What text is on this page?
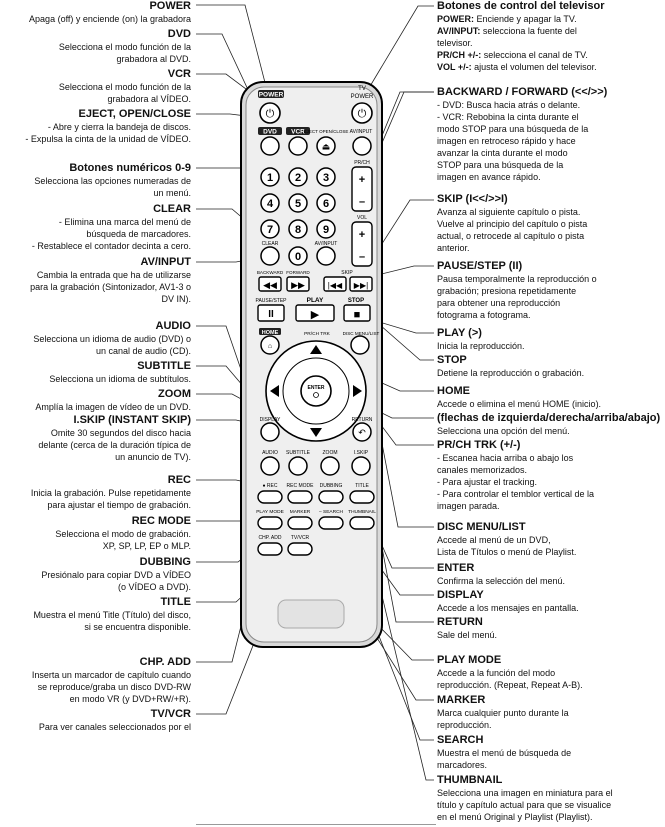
POWER
Apaga (off) y enciende (on) la grabadora
DVD
Selecciona el modo función de la
grabadora al DVD.
VCR
Selecciona el modo función de la
grabadora al VÍDEO.
EJECT, OPEN/CLOSE
- Abre y cierra la bandeja de discos.
- Expulsa la cinta de la unidad de VÍDEO.
Botones numéricos 0-9
Selecciona las opciones numeradas de
un menú.
CLEAR
- Elimina una marca del menú de
búsqueda de marcadores.
- Restablece el contador decinta a cero.
AV/INPUT
Cambia la entrada que ha de utilizarse
para la grabación (Sintonizador, AV1-3 o
DV IN).
AUDIO
Selecciona un idioma de audio (DVD) o
un canal de audio (CD).
SUBTITLE
Selecciona un idioma de subtítulos.
ZOOM
Amplía la imagen de vídeo de un DVD.
I.SKIP (INSTANT SKIP)
Omite 30 segundos del disco hacia
delante (cerca de la duración típica de
un anuncio de TV).
REC
Inicia la grabación. Pulse repetidamente
para ajustar el tiempo de grabación.
REC MODE
Selecciona el modo de grabación.
XP, SP, LP, EP o MLP.
DUBBING
Presiónalo para copiar DVD a VÍDEO
(o VÍDEO a DVD).
TITLE
Muestra el menú Title (Título) del disco,
si se encuentra disponible.
CHP. ADD
Inserta un marcador de capítulo cuando
se reproduce/graba un disco DVD-RW
en modo VR (y DVD+RW/+R).
TV/VCR
Para ver canales seleccionados por el
Botones de control del televisor
POWER: Enciende y apagar la TV.
AV/INPUT: selecciona la fuente del
televisor.
PR/CH +/-: selecciona el canal de TV.
VOL +/-: ajusta el volumen del televisor.
BACKWARD / FORWARD (<</>>)
- DVD: Busca hacia atrás o delante.
- VCR: Rebobina la cinta durante el
modo STOP para una búsqueda de la
imagen en retroceso rápido y hace
avanzar la cinta durante el modo
STOP para una búsqueda de la
imagen en avance rápido.
SKIP (I<</>>I)
Avanza al siguiente capítulo o pista.
Vuelve al principio del capítulo o pista
actual, o retrocede al capítulo o pista
anterior.
PAUSE/STEP (II)
Pausa temporalmente la reproducción o
grabación; presiona repetidamente
para obtener una reproducción
fotograma a fotograma.
PLAY (>)
Inicia la reproducción.
STOP
Detiene la reproducción o grabación.
HOME
Accede o elimina el menú HOME (inicio).
(flechas de izquierda/derecha/arriba/abajo)
Selecciona una opción del menú.
PR/CH TRK (+/-)
- Escanea hacia arriba o abajo los
canales memorizados.
- Para ajustar el tracking.
- Para controlar el temblor vertical de la
imagen parada.
DISC MENU/LIST
Accede al menú de un DVD,
Lista de Títulos o menú de Playlist.
ENTER
Confirma la selección del menú.
DISPLAY
Accede a los mensajes en pantalla.
RETURN
Sale del menú.
PLAY MODE
Accede a la función del modo
reproducción. (Repeat, Repeat A-B).
MARKER
Marca cualquier punto durante la
reproducción.
SEARCH
Muestra el menú de búsqueda de
marcadores.
THUMBNAIL
Selecciona una imagen en miniatura para el
título y capítulo actual para que se visualice
en el menú Original y Playlist (Playlist).
POWER
⏻
TV
POWER
⏻
DVD VCR
EJECT OPEN/CLOSE AV/INPUT
⏏
1 2 3
4 5 6
7 8 9
0
CLEAR	AV/INPUT
PR/CH
+
–
VOL
+
–
BACKWARD FORWARD	SKIP
◀◀ ▶▶	|◀◀ ▶▶|
PAUSE/STEP	PLAY	STOP
II	▶	■
HOME
⌂
PR/CH TRK	DISC MENU/LIST
ENTER
DISPLAY	RETURN
↶
AUDIO SUBTITLE	ZOOM	I.SKIP
● REC REC MODE DUBBING	TITLE
PLAY MODE MARKER – SEARCH THUMBNAIL
CHP. ADD TV/VCR
